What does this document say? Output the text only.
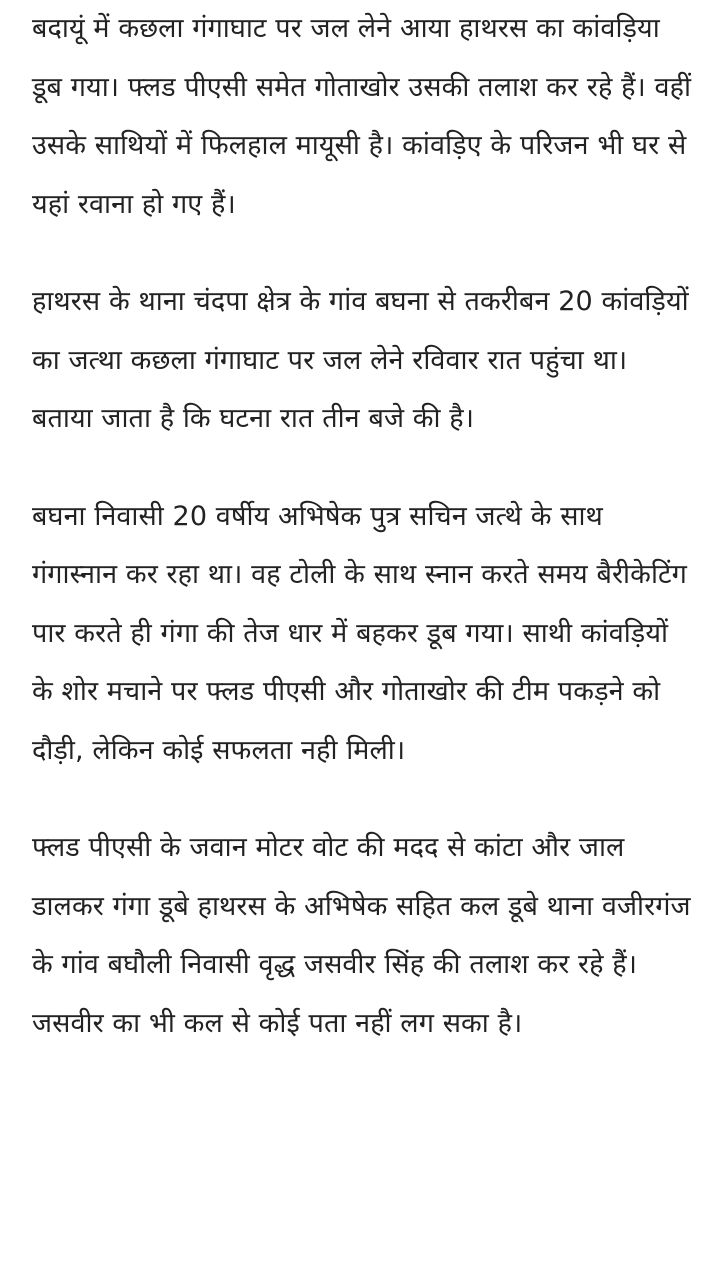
बदायूं में कछला गंगाघाट पर जल लेने आया हाथरस का कांवड़िया डूब गया। फ्लड पीएसी समेत गोताखोर उसकी तलाश कर रहे हैं। वहीं उसके साथियों में फिलहाल मायूसी है। कांवड़िए के परिजन भी घर से यहां रवाना हो गए हैं।

हाथरस के थाना चंदपा क्षेत्र के गांव बघना से तकरीबन 20 कांवड़ियों का जत्था कछला गंगाघाट पर जल लेने रविवार रात पहुंचा था। बताया जाता है कि घटना रात तीन बजे की है।

बघना निवासी 20 वर्षीय अभिषेक पुत्र सचिन जत्थे के साथ गंगास्नान कर रहा था। वह टोली के साथ स्नान करते समय बैरीकेटिंग पार करते ही गंगा की तेज धार में बहकर डूब गया। साथी कांवड़ियों के शोर मचाने पर फ्लड पीएसी और गोताखोर की टीम पकड़ने को दौड़ी, लेकिन कोई सफलता नही मिली।

फ्लड पीएसी के जवान मोटर वोट की मदद से कांटा और जाल डालकर गंगा डूबे हाथरस के अभिषेक सहित कल डूबे थाना वजीरगंज के गांव बघौली निवासी वृद्ध जसवीर सिंह की तलाश कर रहे हैं। जसवीर का भी कल से कोई पता नहीं लग सका है।
